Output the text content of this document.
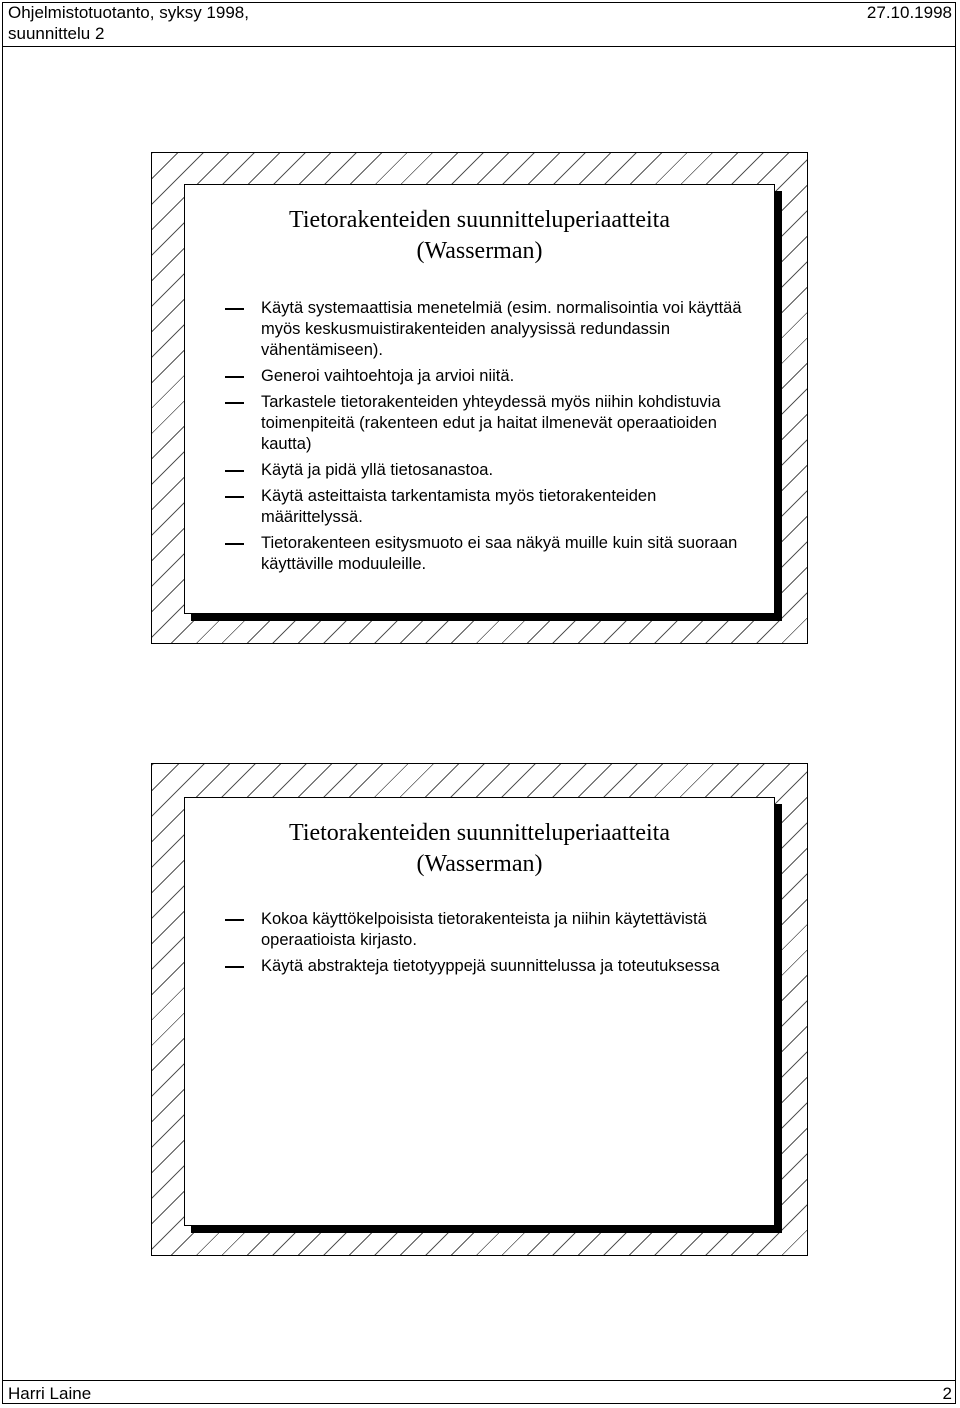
Ohjelmistotuotanto, syksy 1998,
suunnittelu 2
27.10.1998
Tietorakenteiden suunnitteluperiaatteita
(Wasserman)
Käytä systemaattisia menetelmiä (esim. normalisointia voi käyttää myös keskusmuistirakenteiden analyysissä redundassin vähentämiseen).
Generoi vaihtoehtoja ja arvioi niitä.
Tarkastele tietorakenteiden yhteydessä myös niihin kohdistuvia toimenpiteitä (rakenteen edut ja haitat ilmenevät operaatioiden kautta)
Käytä ja pidä yllä tietosanastoa.
Käytä asteittaista tarkentamista myös tietorakenteiden määrittelyssä.
Tietorakenteen esitysmuoto ei saa näkyä muille kuin sitä suoraan käyttäville moduuleille.
Tietorakenteiden suunnitteluperiaatteita
(Wasserman)
Kokoa käyttökelpoisista tietorakenteista ja niihin käytettävistä operaatioista kirjasto.
Käytä abstrakteja tietotyyppejä suunnittelussa ja toteutuksessa
Harri Laine	2
